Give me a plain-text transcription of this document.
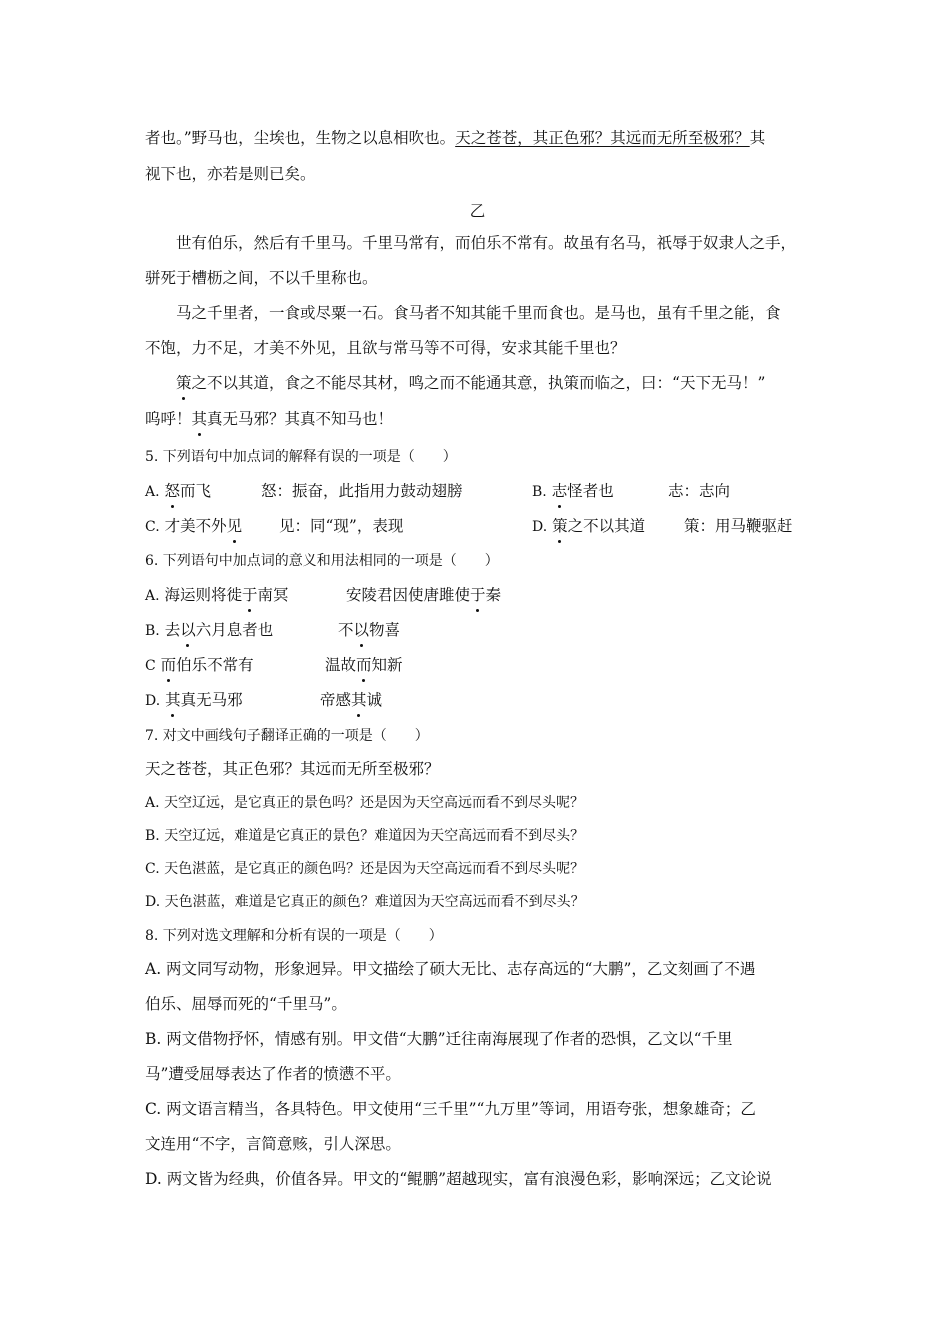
者也。”野马也，尘埃也，生物之以息相吹也。天之苍苍，其正色邪？其远而无所至极邪？其
视下也，亦若是则已矣。
乙
世有伯乐，然后有千里马。千里马常有，而伯乐不常有。故虽有名马，祇辱于奴隶人之手，
骈死于槽枥之间，不以千里称也。
马之千里者，一食或尽粟一石。食马者不知其能千里而食也。是马也，虽有千里之能，食
不饱，力不足，才美不外见，且欲与常马等不可得，安求其能千里也？
策之不以其道，食之不能尽其材，鸣之而不能通其意，执策而临之，曰：“天下无马！”
呜呼！其真无马邪？其真不知马也！
5. 下列语句中加点词的解释有误的一项是（　　）
A. 怒而飞	怒：振奋，此指用力鼓动翅膀	B. 志怪者也	志：志向
C. 才美不外见 见：同“现”，表现	D. 策之不以其道	策：用马鞭驱赶
6. 下列语句中加点词的意义和用法相同的一项是（　　）
A. 海运则将徙于南冥	安陵君因使唐雎使于秦
B. 去以六月息者也	不以物喜
C 而伯乐不常有	温故而知新
D. 其真无马邪	帝感其诚
7. 对文中画线句子翻译正确的一项是（　　）
天之苍苍，其正色邪？其远而无所至极邪？
A. 天空辽远，是它真正的景色吗？还是因为天空高远而看不到尽头呢？
B. 天空辽远，难道是它真正的景色？难道因为天空高远而看不到尽头？
C. 天色湛蓝，是它真正的颜色吗？还是因为天空高远而看不到尽头呢？
D. 天色湛蓝，难道是它真正的颜色？难道因为天空高远而看不到尽头？
8. 下列对选文理解和分析有误的一项是（　　）
A. 两文同写动物，形象迥异。甲文描绘了硕大无比、志存高远的“大鹏”，乙文刻画了不遇
伯乐、屈辱而死的“千里马”。
B. 两文借物抒怀，情感有别。甲文借“大鹏”迁往南海展现了作者的恐惧，乙文以“千里
马”遭受屈辱表达了作者的愤懑不平。
C. 两文语言精当，各具特色。甲文使用“三千里”“九万里”等词，用语夸张，想象雄奇；乙
文连用“不字，言简意赅，引人深思。
D. 两文皆为经典，价值各异。甲文的“鲲鹏”超越现实，富有浪漫色彩，影响深远；乙文论说
